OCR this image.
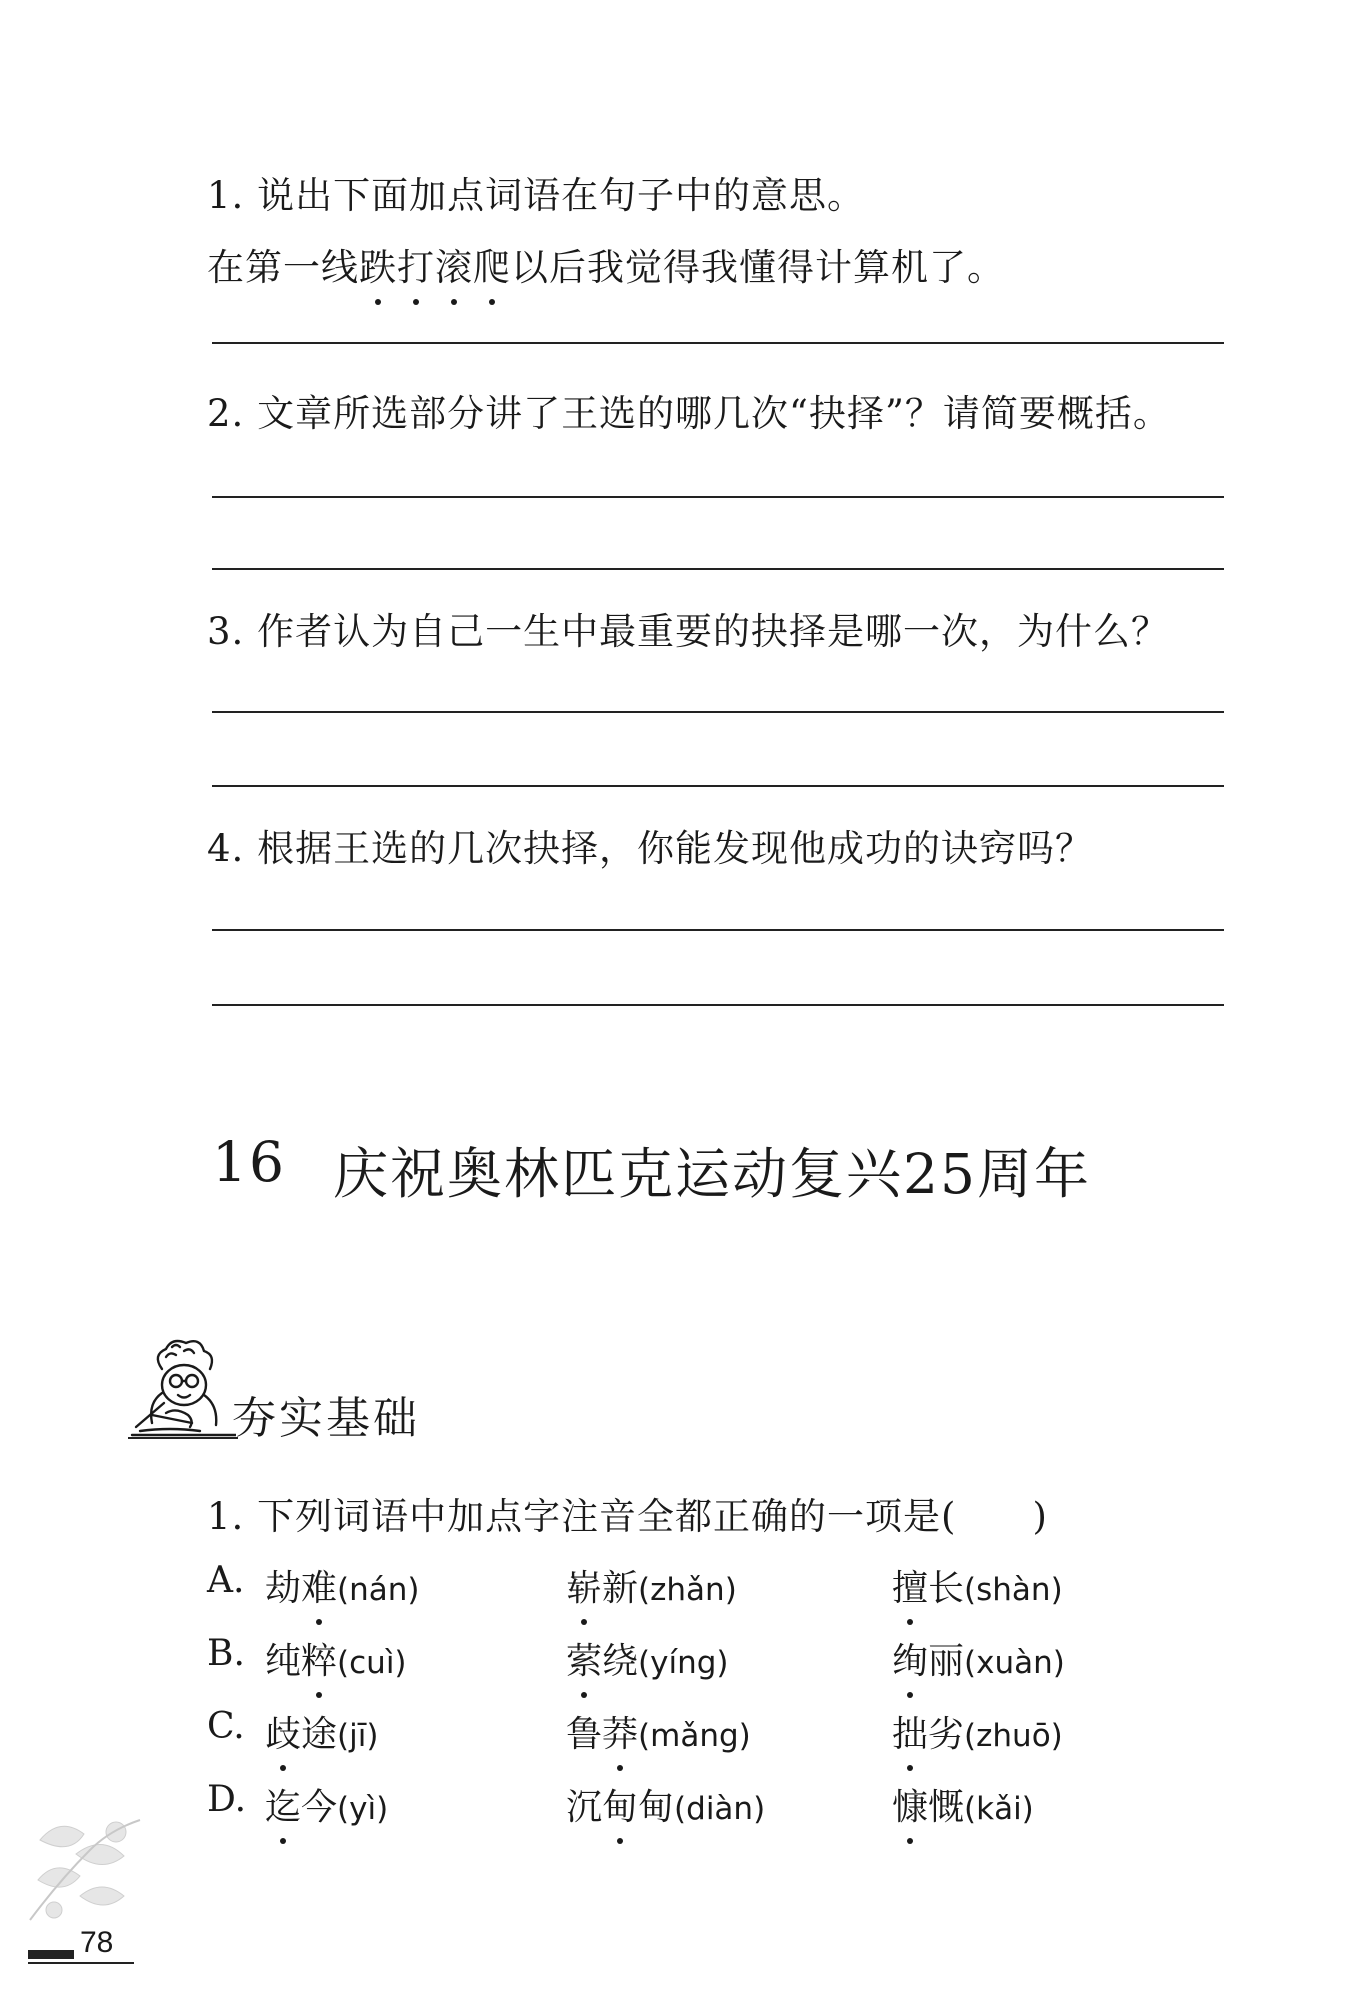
1. 说出下面加点词语在句子中的意思。
在第一线跌打滚爬以后我觉得我懂得计算机了。
2. 文章所选部分讲了王选的哪几次“抉择”？请简要概括。
3. 作者认为自己一生中最重要的抉择是哪一次，为什么？
4. 根据王选的几次抉择，你能发现他成功的诀窍吗？
16 庆祝奥林匹克运动复兴25周年
夯实基础
1. 下列词语中加点字注音全都正确的一项是(　　)
A. 劫难(nán)	崭新(zhǎn)	擅长(shàn)
B. 纯粹(cuì)	萦绕(yíng)	绚丽(xuàn)
C. 歧途(jī)	鲁莽(mǎng)	拙劣(zhuō)
D. 迄今(yì)	沉甸甸(diàn)	慷慨(kǎi)
78
